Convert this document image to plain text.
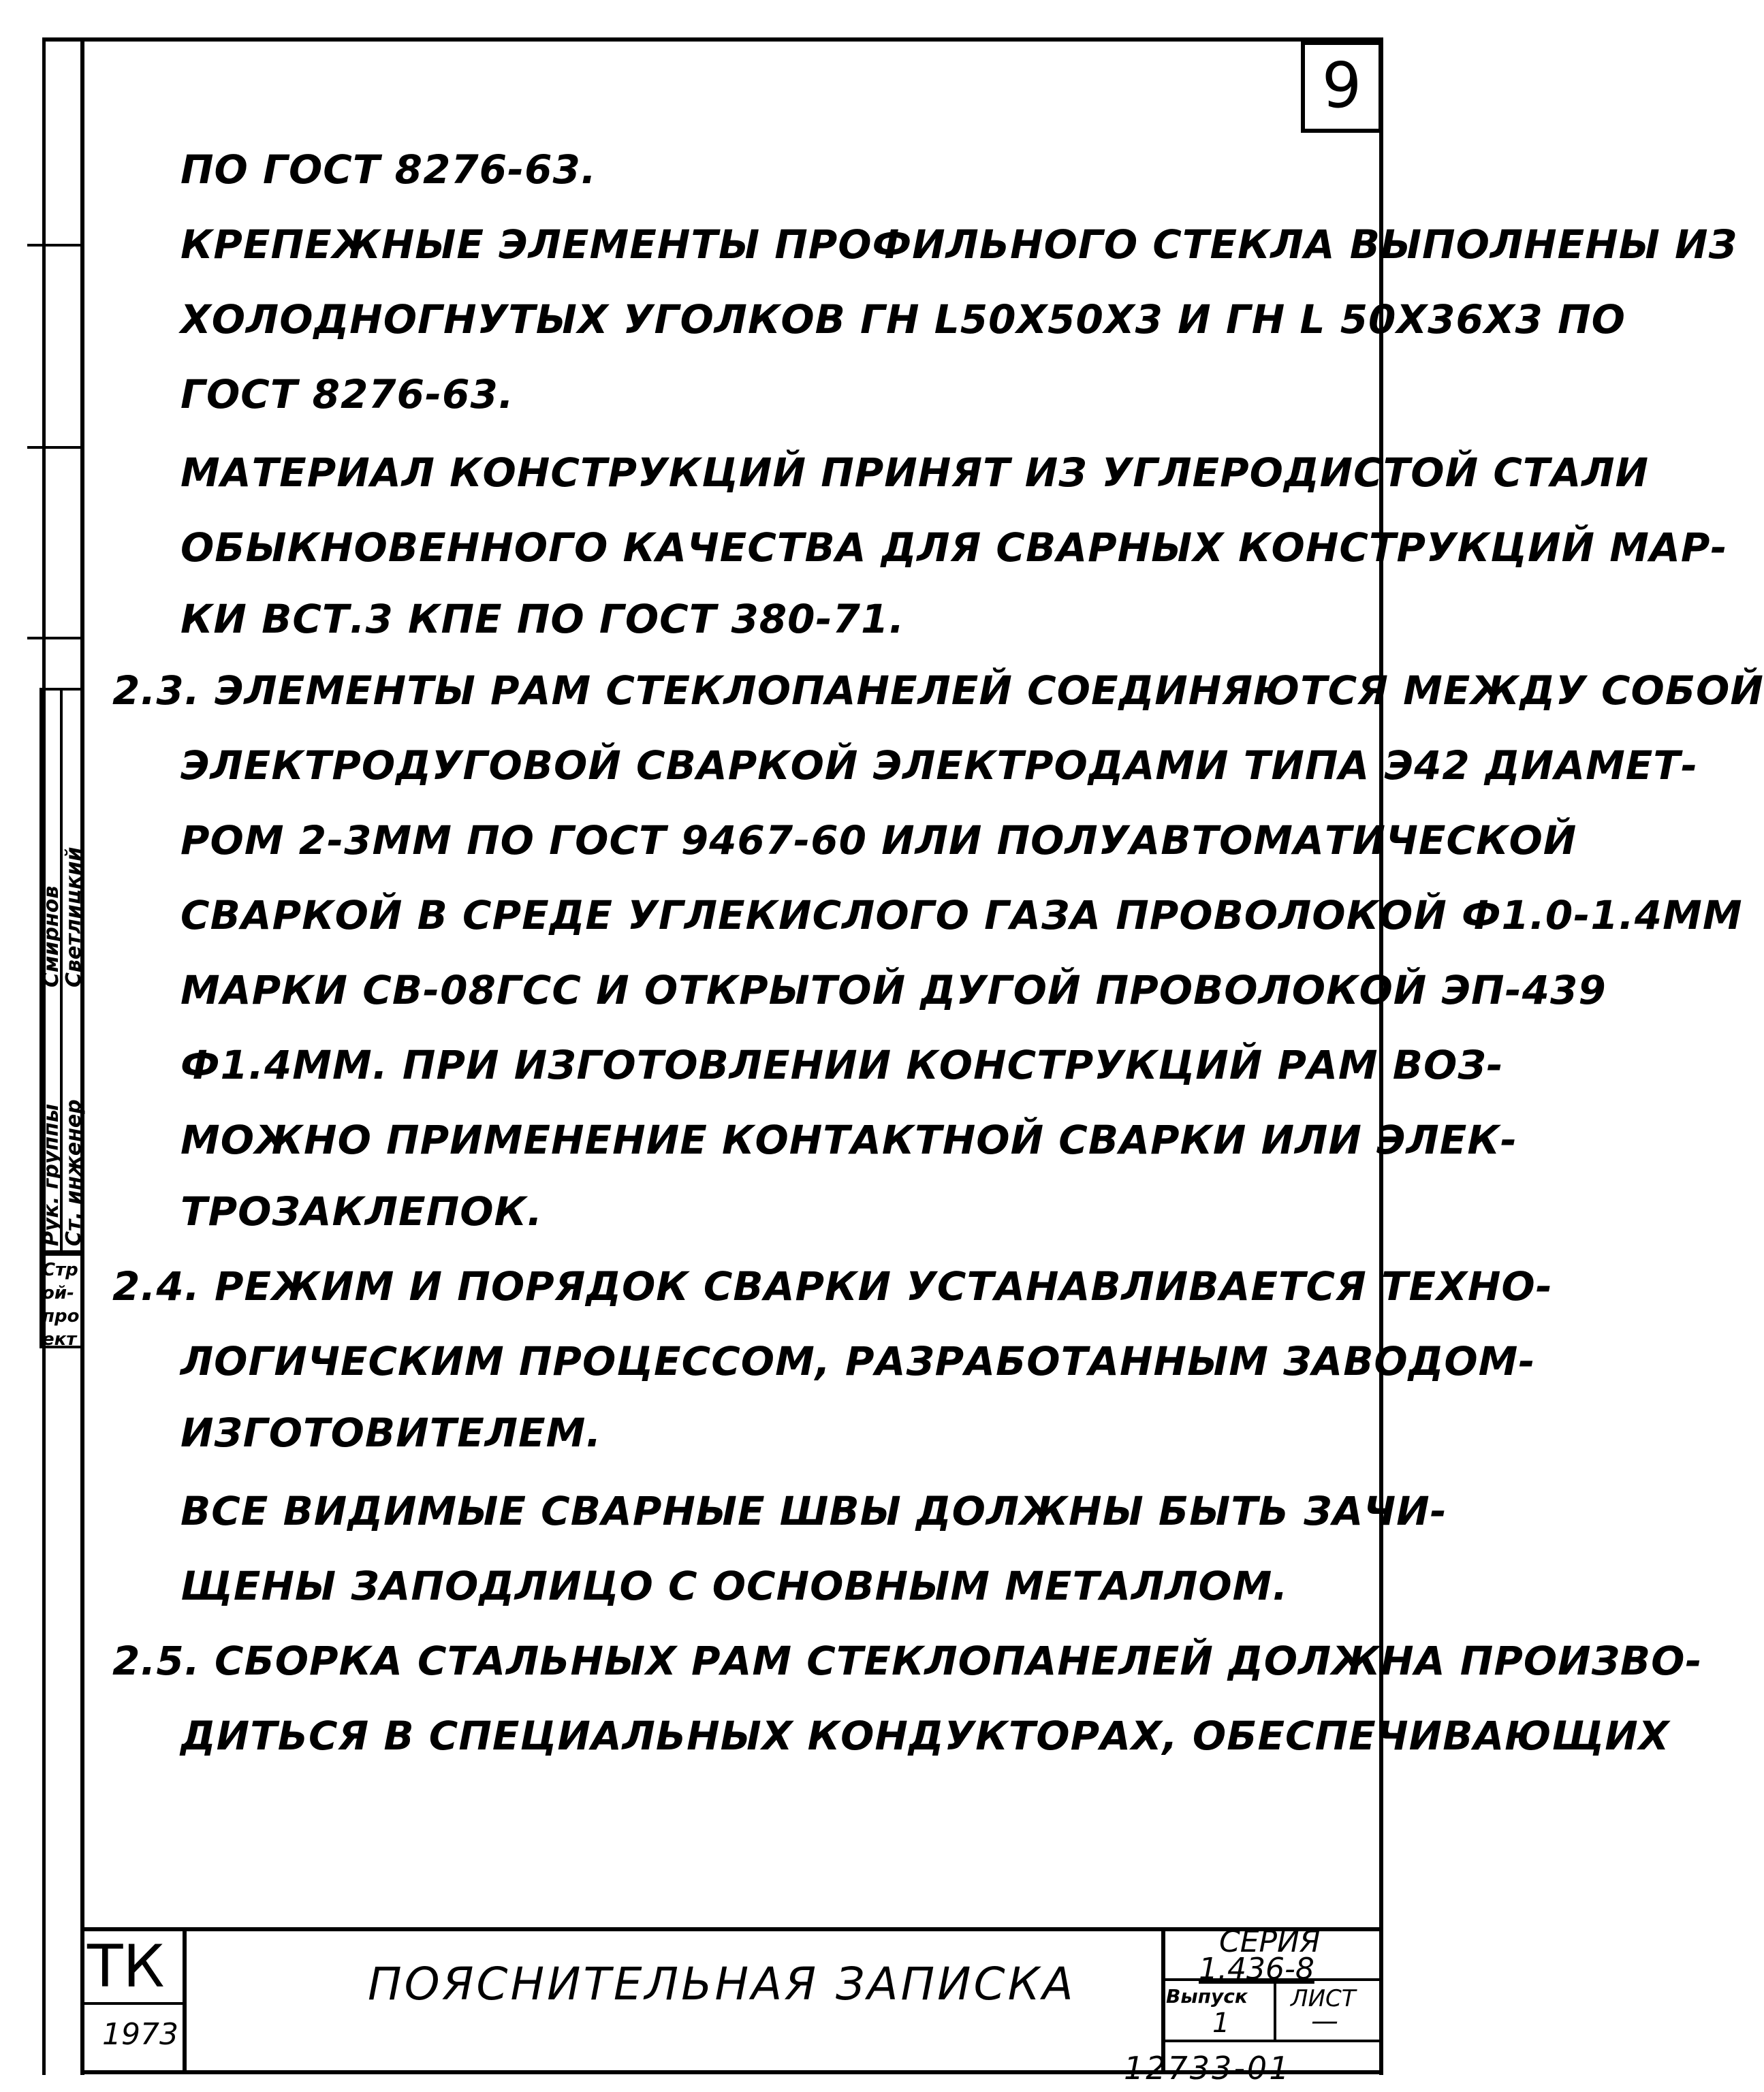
9
ПО ГОСТ 8276-63.
КРЕПЕЖНЫЕ ЭЛЕМЕНТЫ ПРОФИЛЬНОГО СТЕКЛА ВЫПОЛНЕНЫ ИЗ
ХОЛОДНОГНУТЫХ УГОЛКОВ ГН L50Х50Х3 И ГН L 50Х36Х3 ПО
ГОСТ 8276-63.
МАТЕРИАЛ КОНСТРУКЦИЙ ПРИНЯТ ИЗ УГЛЕРОДИСТОЙ СТАЛИ
ОБЫКНОВЕННОГО КАЧЕСТВА ДЛЯ СВАРНЫХ КОНСТРУКЦИЙ МАР-
КИ ВСТ.3 КПЕ ПО ГОСТ 380-71.
2.3. ЭЛЕМЕНТЫ РАМ СТЕКЛОПАНЕЛЕЙ СОЕДИНЯЮТСЯ МЕЖДУ СОБОЙ
ЭЛЕКТРОДУГОВОЙ СВАРКОЙ ЭЛЕКТРОДАМИ ТИПА Э42 ДИАМЕТ-
РОМ 2-3ММ ПО ГОСТ 9467-60 ИЛИ ПОЛУАВТОМАТИЧЕСКОЙ
СВАРКОЙ В СРЕДЕ УГЛЕКИСЛОГО ГАЗА ПРОВОЛОКОЙ Ф1.0-1.4ММ
МАРКИ СВ-08ГСС И ОТКРЫТОЙ ДУГОЙ ПРОВОЛОКОЙ ЭП-439
Ф1.4ММ. ПРИ ИЗГОТОВЛЕНИИ КОНСТРУКЦИЙ РАМ ВОЗ-
МОЖНО ПРИМЕНЕНИЕ КОНТАКТНОЙ СВАРКИ ИЛИ ЭЛЕК-
ТРОЗАКЛЕПОК.
2.4. РЕЖИМ И ПОРЯДОК СВАРКИ УСТАНАВЛИВАЕТСЯ ТЕХНО-
ЛОГИЧЕСКИМ ПРОЦЕССОМ, РАЗРАБОТАННЫМ ЗАВОДОМ-
ИЗГОТОВИТЕЛЕМ.
ВСЕ ВИДИМЫЕ СВАРНЫЕ ШВЫ ДОЛЖНЫ БЫТЬ ЗАЧИ-
ЩЕНЫ ЗАПОДЛИЦО С ОСНОВНЫМ МЕТАЛЛОМ.
2.5. СБОРКА СТАЛЬНЫХ РАМ СТЕКЛОПАНЕЛЕЙ ДОЛЖНА ПРОИЗВО-
ДИТЬСЯ В СПЕЦИАЛЬНЫХ КОНДУКТОРАХ, ОБЕСПЕЧИВАЮЩИХ
Рук. группы
Ст. инженер
Смирнов
Светлицкий
Строй-проект
ТК
1973
ПОЯСНИТЕЛЬНАЯ ЗАПИСКА
СЕРИЯ
1.436-8
Выпуск
1
ЛИСТ
—
12733-01
